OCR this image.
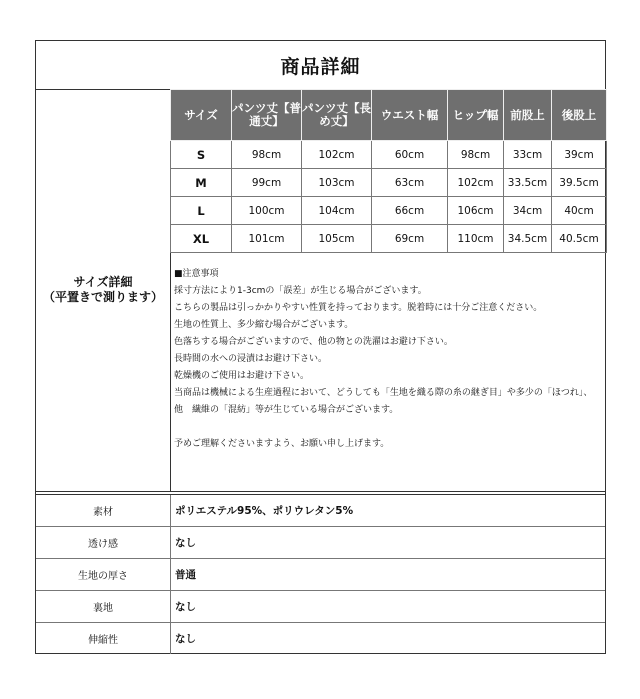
商品詳細
サイズ詳細
（平置きで測ります）
サイズ	パンツ丈【普通丈】	パンツ丈【長め丈】	ウエスト幅	ヒップ幅	前股上	後股上
S	98cm	102cm	60cm	98cm	33cm	39cm
M	99cm	103cm	63cm	102cm	33.5cm	39.5cm
L	100cm	104cm	66cm	106cm	34cm	40cm
XL	101cm	105cm	69cm	110cm	34.5cm	40.5cm

■注意事項

採寸方法により1-3cmの「誤差」が生じる場合がございます。

こちらの製品は引っかかりやすい性質を持っております。脱着時には十分ご注意ください。

生地の性質上、多少縮む場合がございます。

色落ちする場合がございますので、他の物との洗濯はお避け下さい。

長時間の水への浸漬はお避け下さい。

乾燥機のご使用はお避け下さい。

当商品は機械による生産過程において、どうしても「生地を織る際の糸の継ぎ目」や多少の「ほつれ」、他　繊維の「混紡」等が生じている場合がございます。

予めご理解くださいますよう、お願い申し上げます。

素材	ポリエステル95%、ポリウレタン5%
透け感	なし
生地の厚さ	普通
裏地	なし
伸縮性	なし
